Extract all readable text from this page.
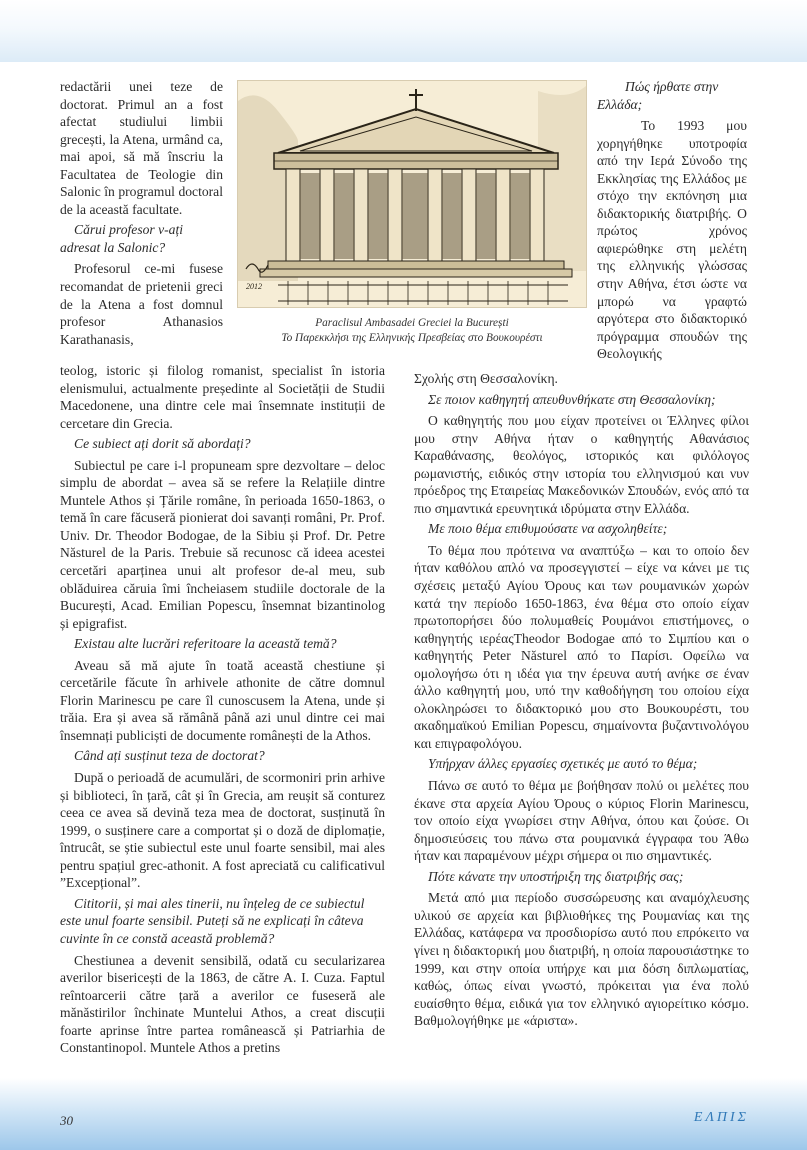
redactării unei teze de doctorat. Primul an a fost afectat studiului limbii grecești, la Atena, urmând ca, mai apoi, să mă înscriu la Facultatea de Teologie din Salonic în programul doctoral de la această facultate.

Cărui profesor v-ați adresat la Salonic?

Profesorul ce-mi fusese recomandat de prietenii greci de la Atena a fost domnul profesor Athanasios Karathanasis,

teolog, istoric și filolog romanist, specialist în istoria elenismului, actualmente președinte al Societății de Studii Macedonene, una dintre cele mai însemnate instituții de cercetare din Grecia.

Ce subiect ați dorit să abordați?

Subiectul pe care i-l propuneam spre dezvoltare – deloc simplu de abordat – avea să se refere la Relațiile dintre Muntele Athos și Țările române, în perioada 1650-1863, o temă în care făcuseră pionierat doi savanți români, Pr. Prof. Univ. Dr. Theodor Bodogae, de la Sibiu și Prof. Dr. Petre Năsturel de la Paris. Trebuie să recunosc că ideea acestei cercetări aparținea unui alt profesor de-al meu, sub oblăduirea căruia îmi încheiasem studiile doctorale de la București, Acad. Emilian Popescu, însemnat bizantinolog și epigrafist.

Existau alte lucrări referitoare la această temă?

Aveau să mă ajute în toată această chestiune și cercetările făcute în arhivele athonite de către domnul Florin Marinescu pe care îl cunoscusem la Atena, unde și trăia. Era și avea să rămână până azi unul dintre cei mai însemnați publiciști de documente românești de la Athos.

Când ați susținut teza de doctorat?

După o perioadă de acumulări, de scormoniri prin arhive și biblioteci, în țară, cât și în Grecia, am reușit să conturez ceea ce avea să devină teza mea de doctorat, susținută în 1999, o susținere care a comportat și o doză de diplomație, întrucât, se știe subiectul este unul foarte sensibil, mai ales pentru spațiul grec-athonit. A fost apreciată cu calificativul ”Excepțional”.

Cititorii, și mai ales tinerii, nu înțeleg de ce subiectul este unul foarte sensibil. Puteți să ne explicați în câteva cuvinte în ce constă această problemă?

Chestiunea a devenit sensibilă, odată cu secularizarea averilor bisericești de la 1863, de către A. I. Cuza. Faptul reîntoarcerii către țară a averilor ce fuseseră ale mănăstirilor închinate Muntelui Athos, a creat discuții foarte aprinse între partea românească și Patriarhia de Constantinopol. Muntele Athos a pretins

2012
Paraclisul Ambasadei Greciei la București
Το Παρεκκλήσι της Ελληνικής Πρεσβείας στο Βουκουρέστι

Πώς ήρθατε στην Ελλάδα;

Το 1993 μου χορηγήθηκε υποτροφία από την Ιερά Σύνοδο της Εκκλησίας της Ελλάδος με στόχο την εκπόνηση μια διδακτορικής διατριβής. Ο πρώτος χρόνος αφιερώθηκε στη μελέτη της ελληνικής γλώσσας στην Αθήνα, έτσι ώστε να μπορώ να γραφτώ αργότερα στο διδακτορικό πρόγραμμα σπουδών της Θεολογικής

Σχολής στη Θεσσαλονίκη.

Σε ποιον καθηγητή απευθυνθήκατε στη Θεσσαλονίκη;

Ο καθηγητής που μου είχαν προτείνει οι Έλληνες φίλοι μου στην Αθήνα ήταν ο καθηγητής Αθανάσιος Καραθάνασης, θεολόγος, ιστορικός και φιλόλογος ρωμανιστής, ειδικός στην ιστορία του ελληνισμού και νυν πρόεδρος της Εταιρείας Μακεδονικών Σπουδών, ενός από τα πιο σημαντικά ερευνητικά ιδρύματα στην Ελλάδα.

Με ποιο θέμα επιθυμούσατε να ασχοληθείτε;

Το θέμα που πρότεινα να αναπτύξω – και το οποίο δεν ήταν καθόλου απλό να προσεγγιστεί – είχε να κάνει με τις σχέσεις μεταξύ Αγίου Όρους και των ρουμανικών χωρών κατά την περίοδο 1650-1863, ένα θέμα στο οποίο είχαν πρωτοπορήσει δύο πολυμαθείς Ρουμάνοι επιστήμονες, ο καθηγητής ιερέαςTheodor Bodogae από το Σιμπίου και ο καθηγητής Peter Năsturel από το Παρίσι. Οφείλω να ομολογήσω ότι η ιδέα για την έρευνα αυτή ανήκε σε έναν άλλο καθηγητή μου, υπό την καθοδήγηση του οποίου είχα ολοκληρώσει το διδακτορικό μου στο Βουκουρέστι, του ακαδημαϊκού Emilian Popescu, σημαίνοντα βυζαντινολόγου και επιγραφολόγου.

Υπήρχαν άλλες εργασίες σχετικές με αυτό το θέμα;

Πάνω σε αυτό το θέμα με βοήθησαν πολύ οι μελέτες που έκανε στα αρχεία Αγίου Όρους ο κύριος Florin Marinescu, τον οποίο είχα γνωρίσει στην Αθήνα, όπου και ζούσε. Οι δημοσιεύσεις του πάνω στα ρουμανικά έγγραφα του Άθω ήταν και παραμένουν μέχρι σήμερα οι πιο σημαντικές.

Πότε κάνατε την υποστήριξη της διατριβής σας;

Μετά από μια περίοδο συσσώρευσης και αναμόχλευσης υλικού σε αρχεία και βιβλιοθήκες της Ρουμανίας και της Ελλάδας, κατάφερα να προσδιορίσω αυτό που επρόκειτο να γίνει η διδακτορική μου διατριβή, η οποία παρουσιάστηκε το 1999, και στην οποία υπήρχε και μια δόση διπλωματίας, καθώς, όπως είναι γνωστό, πρόκειται για ένα πολύ ευαίσθητο θέμα, ειδικά για τον ελληνικό αγιορείτικο κόσμο. Βαθμολογήθηκε με «άριστα».

30	ΕΛΠΙΣ
